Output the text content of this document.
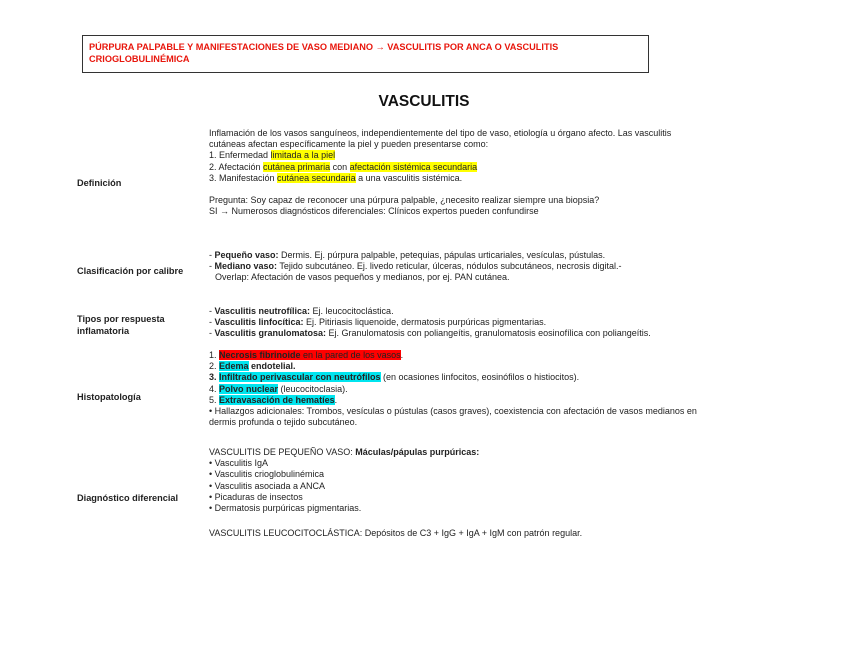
PÚRPURA PALPABLE Y MANIFESTACIONES DE VASO MEDIANO → VASCULITIS POR ANCA O VASCULITIS
CRIOGLOBULINÉMICA
VASCULITIS
Definición
Inflamación de los vasos sanguíneos, independientemente del tipo de vaso, etiología u órgano afecto. Las vasculitis
cutáneas afectan específicamente la piel y pueden presentarse como:
1. Enfermedad limitada a la piel
2. Afectación cutánea primaria con afectación sistémica secundaria
3. Manifestación cutánea secundaria a una vasculitis sistémica.
Pregunta: Soy capaz de reconocer una púrpura palpable, ¿necesito realizar siempre una biopsia?
SI → Numerosos diagnósticos diferenciales: Clínicos expertos pueden confundirse
Clasificación por calibre
- Pequeño vaso: Dermis. Ej. púrpura palpable, petequias, pápulas urticariales, vesículas, pústulas.
- Mediano vaso: Tejido subcutáneo. Ej. livedo reticular, úlceras, nódulos subcutáneos, necrosis digital.-
Overlap: Afectación de vasos pequeños y medianos, por ej. PAN cutánea.
Tipos por respuesta
inflamatoria
- Vasculitis neutrofílica: Ej. leucocitoclástica.
- Vasculitis linfocítica: Ej. Pitiriasis liquenoide, dermatosis purpúricas pigmentarias.
- Vasculitis granulomatosa: Ej. Granulomatosis con poliangeítis, granulomatosis eosinofílica con poliangeítis.
Histopatología
1. Necrosis fibrinoide en la pared de los vasos.
2. Edema endotelial.
3. Infiltrado perivascular con neutrófilos (en ocasiones linfocitos, eosinófilos o histiocitos).
4. Polvo nuclear (leucocitoclasia).
5. Extravasación de hematíes.
• Hallazgos adicionales: Trombos, vesículas o pústulas (casos graves), coexistencia con afectación de vasos medianos en
dermis profunda o tejido subcutáneo.
Diagnóstico diferencial
VASCULITIS DE PEQUEÑO VASO: Máculas/pápulas purpúricas:
• Vasculitis IgA
• Vasculitis crioglobulinémica
• Vasculitis asociada a ANCA
• Picaduras de insectos
• Dermatosis purpúricas pigmentarias.
VASCULITIS LEUCOCITOCLÁSTICA: Depósitos de C3 + IgG + IgA + IgM con patrón regular.
